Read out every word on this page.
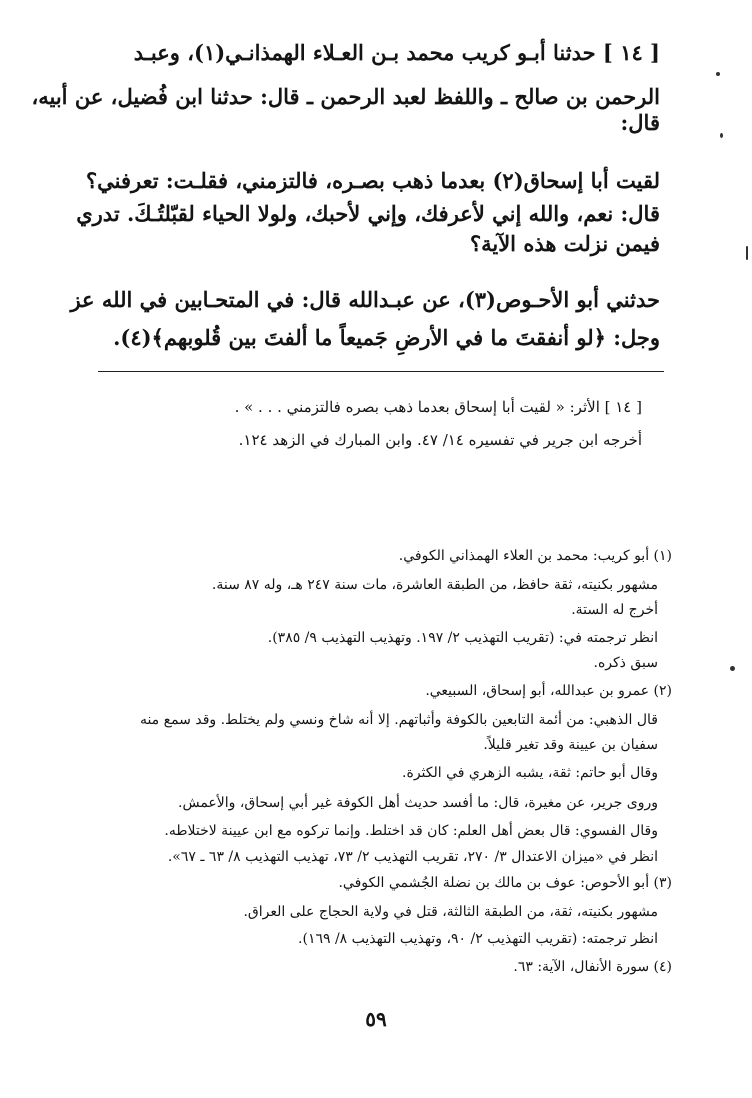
[ ١٤ ] حدثنا أبـو كريب محمد بـن العـلاء الهمذانـي(١)، وعبـد

الرحمن بن صالح ـ واللفظ لعبد الرحمن ـ قال: حدثنا ابن فُضيل، عن أبيه،

قال:

لقيت أبا إسحاق(٢) بعدما ذهب بصـره، فالتزمني، فقلـت: تعرفني؟

قال: نعم، والله إني لأعرفك، وإني لأحبك، ولولا الحياء لقبّلتُـكَ. تدري

فيمن نزلت هذه الآية؟

حدثني أبو الأحـوص(٣)، عن عبـدالله قال: في المتحـابين في الله عز

وجل: ﴿لو أنفقتَ ما في الأرضِ جَميعاً ما ألفتَ بين قُلوبهم﴾(٤).

[ ١٤ ] الأثر: « لقيت أبا إسحاق بعدما ذهب بصره فالتزمني . . . » .

أخرجه ابن جرير في تفسيره ١٤/ ٤٧. وابن المبارك في الزهد ١٢٤.

(١) أبو كريب: محمد بن العلاء الهمذاني الكوفي.

مشهور بكنيته، ثقة حافظ، من الطبقة العاشرة، مات سنة ٢٤٧ هـ، وله ٨٧ سنة.

أخرج له الستة.

انظر ترجمته في: (تقريب التهذيب ٢/ ١٩٧. وتهذيب التهذيب ٩/ ٣٨٥).

سبق ذكره.

(٢) عمرو بن عبدالله، أبو إسحاق، السبيعي.

قال الذهبي: من أئمة التابعين بالكوفة وأثباتهم. إلا أنه شاخ ونسي ولم يختلط. وقد سمع منه

سفيان بن عيينة وقد تغير قليلاً.

وقال أبو حاتم: ثقة، يشبه الزهري في الكثرة.

وروى جرير، عن مغيرة، قال: ما أفسد حديث أهل الكوفة غير أبي إسحاق، والأعمش.

وقال الفسوي: قال بعض أهل العلم: كان قد اختلط. وإنما تركوه مع ابن عيينة لاختلاطه.

انظر في «ميزان الاعتدال ٣/ ٢٧٠، تقريب التهذيب ٢/ ٧٣، تهذيب التهذيب ٨/ ٦٣ ـ ٦٧».

(٣) أبو الأحوص: عوف بن مالك بن نضلة الجُشمي الكوفي.

مشهور بكنيته، ثقة، من الطبقة الثالثة، قتل في ولاية الحجاج على العراق.

انظر ترجمته: (تقريب التهذيب ٢/ ٩٠، وتهذيب التهذيب ٨/ ١٦٩).

(٤) سورة الأنفال، الآية: ٦٣.

٥٩
